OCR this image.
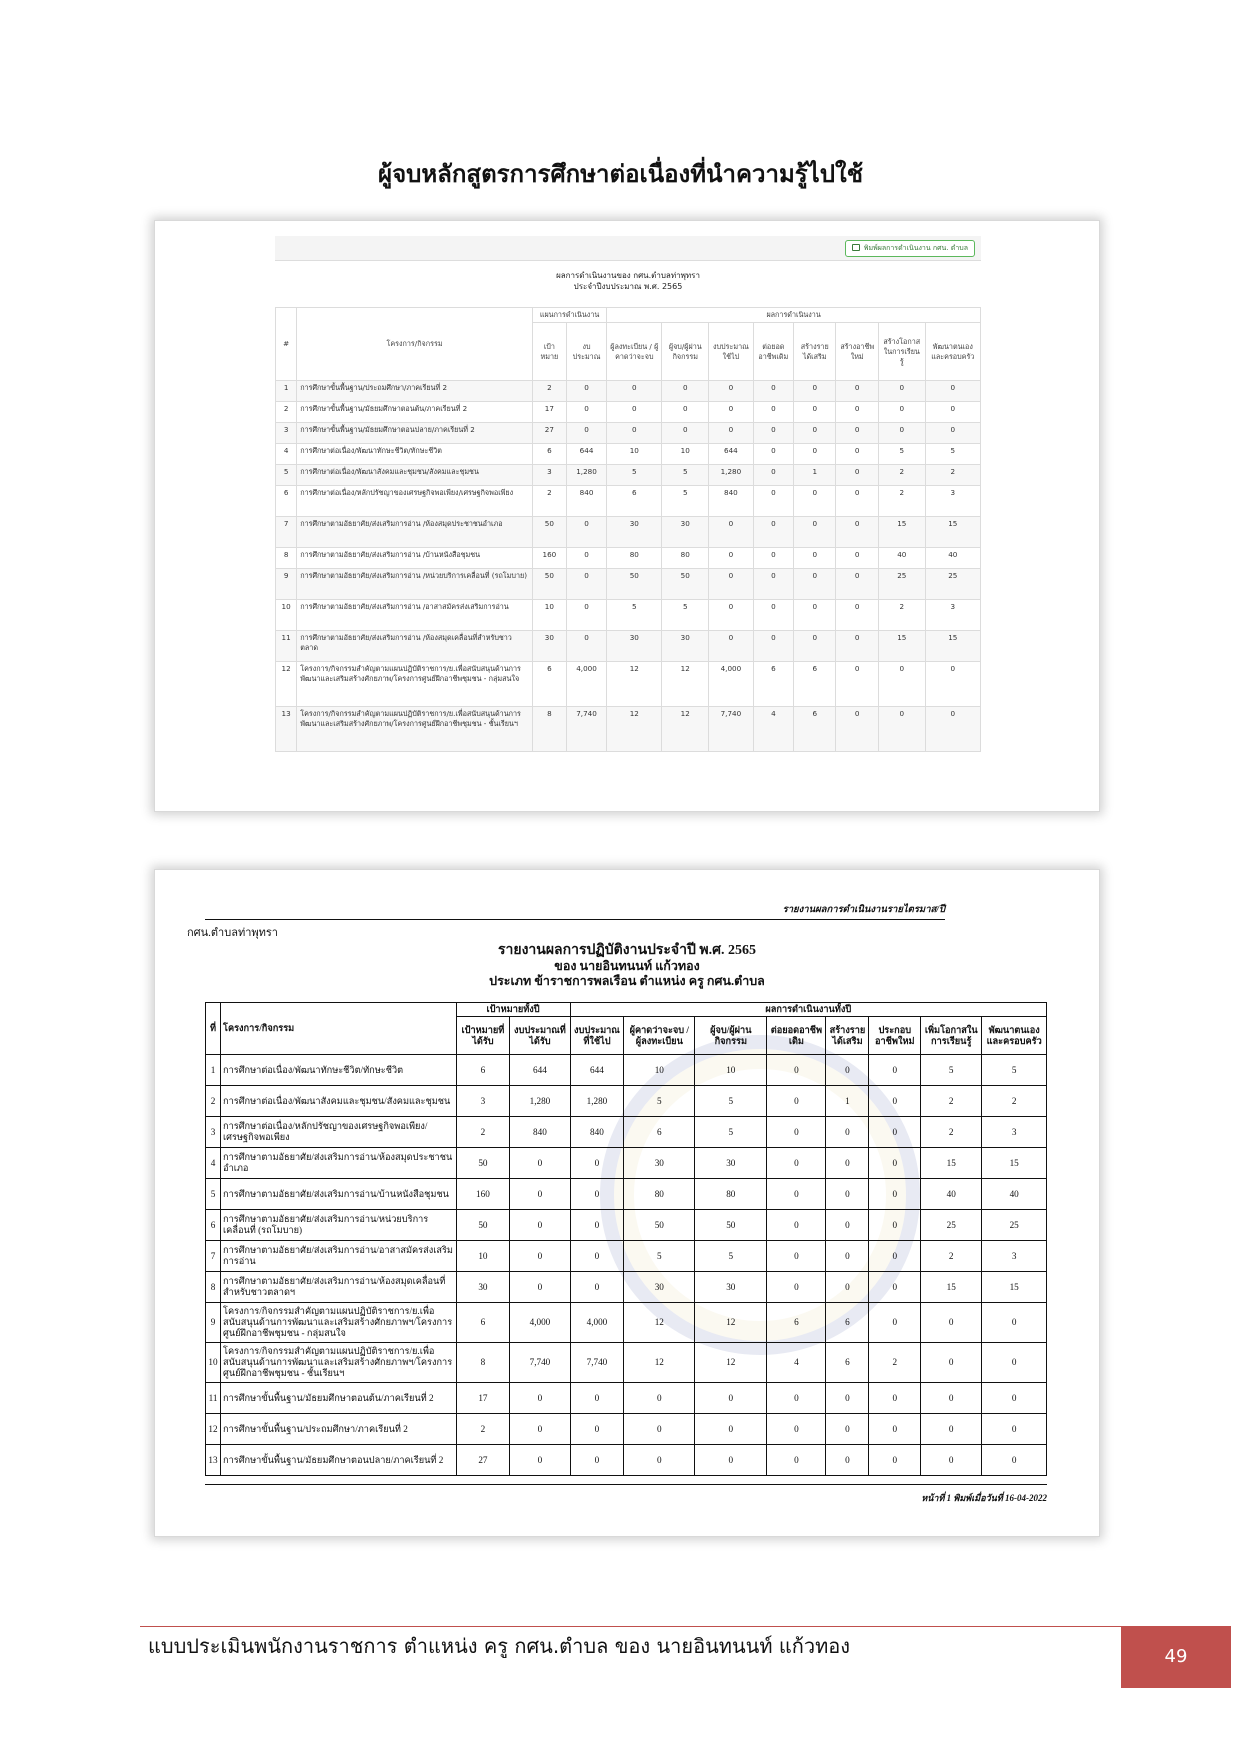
ผู้จบหลักสูตรการศึกษาต่อเนื่องที่นำความรู้ไปใช้
พิมพ์ผลการดำเนินงาน กศน. ตำบล
ผลการดำเนินงานของ กศน.ตำบลท่าพุทรา
ประจำปีงบประมาณ พ.ศ. 2565
#	โครงการ/กิจกรรม	แผนการดำเนินงาน		ผลการดำเนินงาน							
		เป้าหมาย	งบประมาณ	ผู้ลงทะเบียน / ผู้คาดว่าจะจบ	ผู้จบ/ผู้ผ่านกิจกรรม	งบประมาณใช้ไป	ต่อยอดอาชีพเดิม	สร้างรายได้เสริม	สร้างอาชีพใหม่	สร้างโอกาสในการเรียนรู้	พัฒนาตนเองและครอบครัว
1	การศึกษาขั้นพื้นฐาน/ประถมศึกษา/ภาคเรียนที่ 2	2	0	0	0	0	0	0	0	0	0
2	การศึกษาขั้นพื้นฐาน/มัธยมศึกษาตอนต้น/ภาคเรียนที่ 2	17	0	0	0	0	0	0	0	0	0
3	การศึกษาขั้นพื้นฐาน/มัธยมศึกษาตอนปลาย/ภาคเรียนที่ 2	27	0	0	0	0	0	0	0	0	0
4	การศึกษาต่อเนื่อง/พัฒนาทักษะชีวิต/ทักษะชีวิต	6	644	10	10	644	0	0	0	5	5
5	การศึกษาต่อเนื่อง/พัฒนาสังคมและชุมชน/สังคมและชุมชน	3	1,280	5	5	1,280	0	1	0	2	2
6	การศึกษาต่อเนื่อง/หลักปรัชญาของเศรษฐกิจพอเพียง/เศรษฐกิจพอเพียง	2	840	6	5	840	0	0	0	2	3
7	การศึกษาตามอัธยาศัย/ส่งเสริมการอ่าน /ห้องสมุดประชาชนอำเภอ	50	0	30	30	0	0	0	0	15	15
8	การศึกษาตามอัธยาศัย/ส่งเสริมการอ่าน /บ้านหนังสือชุมชน	160	0	80	80	0	0	0	0	40	40
9	การศึกษาตามอัธยาศัย/ส่งเสริมการอ่าน /หน่วยบริการเคลื่อนที่ (รถโมบาย)	50	0	50	50	0	0	0	0	25	25
10	การศึกษาตามอัธยาศัย/ส่งเสริมการอ่าน /อาสาสมัครส่งเสริมการอ่าน	10	0	5	5	0	0	0	0	2	3
11	การศึกษาตามอัธยาศัย/ส่งเสริมการอ่าน /ห้องสมุดเคลื่อนที่สำหรับชาวตลาด	30	0	30	30	0	0	0	0	15	15
12	โครงการ/กิจกรรมสำคัญตามแผนปฏิบัติราชการ/ย.เพื่อสนับสนุนด้านการพัฒนาและเสริมสร้างศักยภาพ/โครงการศูนย์ฝึกอาชีพชุมชน - กลุ่มสนใจ	6	4,000	12	12	4,000	6	6	0	0	0
13	โครงการ/กิจกรรมสำคัญตามแผนปฏิบัติราชการ/ย.เพื่อสนับสนุนด้านการพัฒนาและเสริมสร้างศักยภาพ/โครงการศูนย์ฝึกอาชีพชุมชน - ชั้นเรียนฯ	8	7,740	12	12	7,740	4	6	0	0	0
รายงานผลการดำเนินงานรายไตรมาส/ปี
กศน.ตำบลท่าพุทรา
รายงานผลการปฏิบัติงานประจำปี พ.ศ. 2565
ของ นายอินทนนท์ แก้วทอง
ประเภท ข้าราชการพลเรือน ตำแหน่ง ครู กศน.ตำบล
ที่	โครงการ/กิจกรรม	เป้าหมายทั้งปี		ผลการดำเนินงานทั้งปี							
		เป้าหมายที่ได้รับ	งบประมาณที่ได้รับ	งบประมาณที่ใช้ไป	ผู้คาดว่าจะจบ / ผู้ลงทะเบียน	ผู้จบ/ผู้ผ่านกิจกรรม	ต่อยอดอาชีพเดิม	สร้างรายได้เสริม	ประกอบอาชีพใหม่	เพิ่มโอกาสในการเรียนรู้	พัฒนาตนเองและครอบครัว
1	การศึกษาต่อเนื่อง/พัฒนาทักษะชีวิต/ทักษะชีวิต	6	644	644	10	10	0	0	0	5	5
2	การศึกษาต่อเนื่อง/พัฒนาสังคมและชุมชน/สังคมและชุมชน	3	1,280	1,280	5	5	0	1	0	2	2
3	การศึกษาต่อเนื่อง/หลักปรัชญาของเศรษฐกิจพอเพียง/เศรษฐกิจพอเพียง	2	840	840	6	5	0	0	0	2	3
4	การศึกษาตามอัธยาศัย/ส่งเสริมการอ่าน/ห้องสมุดประชาชนอำเภอ	50	0	0	30	30	0	0	0	15	15
5	การศึกษาตามอัธยาศัย/ส่งเสริมการอ่าน/บ้านหนังสือชุมชน	160	0	0	80	80	0	0	0	40	40
6	การศึกษาตามอัธยาศัย/ส่งเสริมการอ่าน/หน่วยบริการเคลื่อนที่ (รถโมบาย)	50	0	0	50	50	0	0	0	25	25
7	การศึกษาตามอัธยาศัย/ส่งเสริมการอ่าน/อาสาสมัครส่งเสริมการอ่าน	10	0	0	5	5	0	0	0	2	3
8	การศึกษาตามอัธยาศัย/ส่งเสริมการอ่าน/ห้องสมุดเคลื่อนที่สำหรับชาวตลาดฯ	30	0	0	30	30	0	0	0	15	15
9	โครงการ/กิจกรรมสำคัญตามแผนปฏิบัติราชการ/ย.เพื่อสนับสนุนด้านการพัฒนาและเสริมสร้างศักยภาพฯ/โครงการศูนย์ฝึกอาชีพชุมชน - กลุ่มสนใจ	6	4,000	4,000	12	12	6	6	0	0	0
10	โครงการ/กิจกรรมสำคัญตามแผนปฏิบัติราชการ/ย.เพื่อสนับสนุนด้านการพัฒนาและเสริมสร้างศักยภาพฯ/โครงการศูนย์ฝึกอาชีพชุมชน - ชั้นเรียนฯ	8	7,740	7,740	12	12	4	6	2	0	0
11	การศึกษาขั้นพื้นฐาน/มัธยมศึกษาตอนต้น/ภาคเรียนที่ 2	17	0	0	0	0	0	0	0	0	0
12	การศึกษาขั้นพื้นฐาน/ประถมศึกษา/ภาคเรียนที่ 2	2	0	0	0	0	0	0	0	0	0
13	การศึกษาขั้นพื้นฐาน/มัธยมศึกษาตอนปลาย/ภาคเรียนที่ 2	27	0	0	0	0	0	0	0	0	0
หน้าที่ 1 พิมพ์เมื่อวันที่ 16-04-2022
แบบประเมินพนักงานราชการ ตำแหน่ง ครู กศน.ตำบล ของ นายอินทนนท์ แก้วทอง	49
